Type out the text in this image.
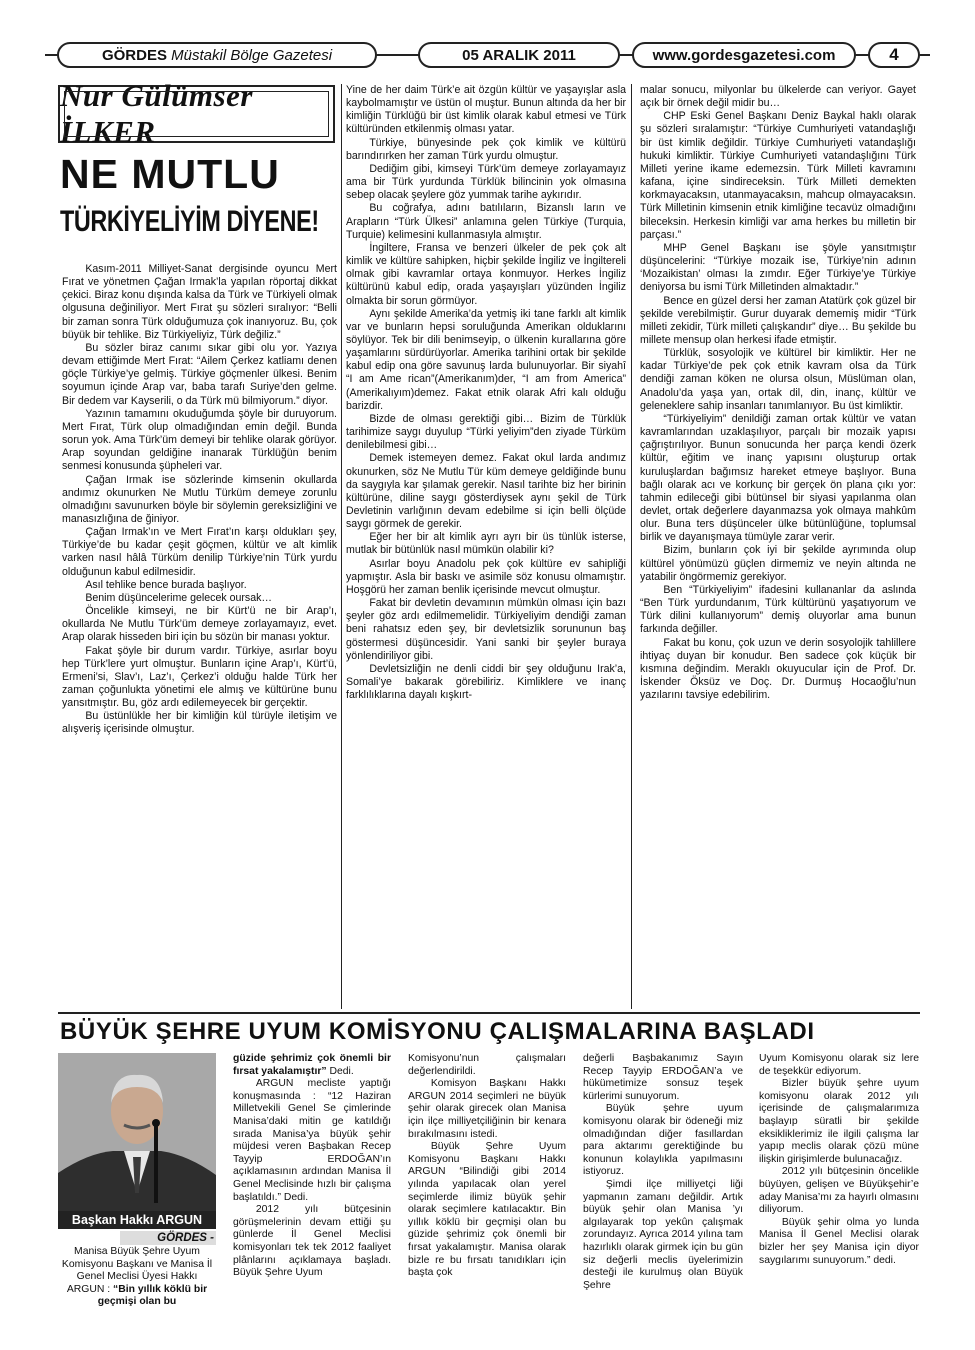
GÖRDES Müstakil Bölge Gazetesi	05 ARALIK 2011	www.gordesgazetesi.com	4
Nur Gülümser İLKER
NE MUTLU
TÜRKİYELİYİM DİYENE!

Kasım-2011 Milliyet-Sanat dergisinde oyuncu Mert Fırat ve yönetmen Çağan Irmak’la yapılan röportaj dikkat çekici. Biraz konu dışında kalsa da Türk ve Türkiyeli olmak olgusuna değiniliyor. Mert Fırat şu sözleri sıralıyor: “Belli bir zaman sonra Türk olduğumuza çok inanıyoruz. Bu, çok büyük bir tehlike. Biz Türkiyeliyiz, Türk değiliz.”

Bu sözler biraz canımı sıkar gibi olu yor. Yazıya devam ettiğimde Mert Fırat: “Ailem Çerkez katliamı denen göçle Türkiye’ye gelmiş. Türkiye göçmenler ülkesi. Benim soyumun içinde Arap var, baba tarafı Suriye’den gelme. Bir dedem var Kayserili, o da Türk mü bilmiyorum.” diyor.

Yazının tamamını okuduğumda şöyle bir duruyorum. Mert Fırat, Türk olup olmadığından emin değil. Bunda sorun yok. Ama Türk’üm demeyi bir tehlike olarak görüyor. Arap soyundan geldiğine inanarak Türklüğün benim senmesi konusunda şüpheleri var.

Çağan Irmak ise sözlerinde kimsenin okullarda andımız okunurken Ne Mutlu Türküm demeye zorunlu olmadığını savunurken böyle bir söylemin gereksizliğini ve manasızlığına de ğiniyor.

Çağan Irmak’ın ve Mert Fırat’ın karşı oldukları şey, Türkiye’de bu kadar çeşit göçmen, kültür ve alt kimlik varken nasıl hâlâ Türküm denilip Türkiye’nin Türk yurdu olduğunun kabul edilmesidir.

Asıl tehlike bence burada başlıyor.

Benim düşüncelerime gelecek oursak…

Öncelikle kimseyi, ne bir Kürt’ü ne bir Arap’ı, okullarda Ne Mutlu Türk’üm demeye zorlayamayız, evet. Arap olarak hisseden biri için bu sözün bir manası yoktur.

Fakat şöyle bir durum vardır. Türkiye, asırlar boyu hep Türk’lere yurt olmuştur. Bunların içine Arap’ı, Kürt’ü, Ermeni’si, Slav’ı, Laz’ı, Çerkez’i olduğu halde Türk her zaman çoğunlukta yönetimi ele almış ve kültürüne bunu yansıtmıştır. Bu, göz ardı edilemeyecek bir gerçektir.

Bu üstünlükle her bir kimliğin kül türüyle iletişim ve alışveriş içerisinde olmuştur.

Yine de her daim Türk’e ait özgün kültür ve yaşayışlar asla kaybolmamıştır ve üstün ol muştur. Bunun altında da her bir kimliğin Türklüğü bir üst kimlik olarak kabul etmesi ve Türk kültüründen etkilenmiş olması yatar.

Türkiye, bünyesinde pek çok kimlik ve kültürü barındırırken her zaman Türk yurdu olmuştur.

Dediğim gibi, kimseyi Türk’üm demeye zorlayamayız ama bir Türk yurdunda Türklük bilincinin yok olmasına sebep olacak şeylere göz yummak tarihe aykırıdır.

Bu coğrafya, adını batılıların, Bizanslı ların ve Arapların “Türk Ülkesi” anlamına gelen Türkiye (Turquia, Turquie) kelimesini kullanmasıyla almıştır.

İngiltere, Fransa ve benzeri ülkeler de pek çok alt kimlik ve kültüre sahipken, hiçbir şekilde İngiliz ve İngiltereli olmak gibi kavramlar ortaya konmuyor. Herkes İngiliz kültürünü kabul edip, orada yaşayışları yüzünden İngiliz olmakta bir sorun görmüyor.

Aynı şekilde Amerika’da yetmiş iki tane farklı alt kimlik var ve bunların hepsi soruluğunda Amerikan olduklarını söylüyor. Tek bir dili benimseyip, o ülkenin kurallarına göre yaşamlarını sürdürüyorlar. Amerika tarihini ortak bir şekilde kabul edip ona göre savunuş larda bulunuyorlar. Bir siyahî “I am Ame rican”(Amerikanım)der, “I am from America” (Amerikalıyım)demez. Fakat etnik olarak Afri kalı olduğu barizdir.

Bizde de olması gerektiği gibi… Bizim de Türklük tarihimize saygı duyulup “Türki yeliyim”den ziyade Türküm denilebilmesi gibi…

Demek istemeyen demez. Fakat okul larda andımız okunurken, söz Ne Mutlu Tür küm demeye geldiğinde bunu da saygıyla kar şılamak gerekir. Nasıl tarihte biz her birinin kültürüne, diline saygı gösterdiysek aynı şekil de Türk Devletinin varlığının devam edebilme si için belli ölçüde saygı görmek de gerekir.

Eğer her bir alt kimlik ayrı ayrı bir üs tünlük isterse, mutlak bir bütünlük nasıl mümkün olabilir ki?

Asırlar boyu Anadolu pek çok kültüre ev sahipliği yapmıştır. Asla bir baskı ve asimile söz konusu olmamıştır. Hoşgörü her zaman benlik içerisinde mevcut olmuştur.

Fakat bir devletin devamının mümkün olması için bazı şeyler göz ardı edilmemelidir. Türkiyeliyim dendiği zaman beni rahatsız eden şey, bir devletsizlik sorununun baş göstermesi düşüncesidir. Yani sanki bir şeyler buraya yönlendiriliyor gibi.

Devletsizliğin ne denli ciddi bir şey olduğunu Irak’a, Somali’ye bakarak görebiliriz. Kimliklere ve inanç farklılıklarına dayalı kışkırt-

malar sonucu, milyonlar bu ülkelerde can veriyor. Gayet açık bir örnek değil midir bu…

CHP Eski Genel Başkanı Deniz Baykal haklı olarak şu sözleri sıralamıştır: “Türkiye Cumhuriyeti vatandaşlığı bir üst kimlik değildir. Türkiye Cumhuriyeti vatandaşlığı hukuki kimliktir. Türkiye Cumhuriyeti vatandaşlığını Türk Milleti yerine ikame edemezsin. Türk Milleti kavramını kafana, içine sindireceksin. Türk Milleti demekten korkmayacaksın, utanmayacaksın, mahcup olmayacaksın. Türk Milletinin kimsenin etnik kimliğine tecavüz olmadığını bileceksin. Herkesin kimliği var ama herkes bu milletin bir parçası.”

MHP Genel Başkanı ise şöyle yansıtmıştır düşüncelerini: “Türkiye mozaik ise, Türkiye’nin adının ‘Mozaikistan’ olması la zımdır. Eğer Türkiye’ye Türkiye deniyorsa bu ismi Türk Milletinden almaktadır.”

Bence en güzel dersi her zaman Atatürk çok güzel bir şekilde verebilmiştir. Gurur duyarak dememiş midir “Türk milleti zekidir, Türk milleti çalışkandır” diye… Bu şekilde bu millete mensup olan herkesi ifade etmiştir.

Türklük, sosyolojik ve kültürel bir kimliktir. Her ne kadar Türkiye’de pek çok etnik kavram olsa da Türk dendiği zaman köken ne olursa olsun, Müslüman olan, Anadolu’da yaşa yan, ortak dil, din, inanç, kültür ve geleneklere sahip insanları tanımlanıyor. Bu üst kimliktir.

“Türkiyeliyim” denildiği zaman ortak kültür ve vatan kavramlarından uzaklaşılıyor, parçalı bir mozaik yapısı çağrıştırılıyor. Bunun sonucunda her parça kendi özerk kültür, eğitim ve inanç yapısını oluşturup ortak kuruluşlardan bağımsız hareket etmeye başlıyor. Buna bağlı olarak acı ve korkunç bir gerçek ön plana çıkı yor: tahmin edileceği gibi bütünsel bir siyasi yapılanma olan devlet, ortak değerlere dayanmazsa yok olmaya mahkûm olur. Buna ters düşünceler ülke bütünlüğüne, toplumsal birlik ve dayanışmaya tümüyle zarar verir.

Bizim, bunların çok iyi bir şekilde ayrımında olup kültürel yönümüzü güçlen dirmemiz ve neyin altında ne yatabilir öngörmemiz gerekiyor.

Ben “Türkiyeliyim” ifadesini kullananlar da aslında “Ben Türk yurdundanım, Türk kültürünü yaşatıyorum ve Türk dilini kullanıyorum” demiş oluyorlar ama bunun farkında değiller.

Fakat bu konu, çok uzun ve derin sosyolojik tahlillere ihtiyaç duyan bir konudur. Ben sadece çok küçük bir kısmına değindim. Meraklı okuyucular için de Prof. Dr. İskender Öksüz ve Doç. Dr. Durmuş Hocaoğlu’nun yazılarını tavsiye edebilirim.

BÜYÜK ŞEHRE UYUM KOMİSYONU ÇALIŞMALARINA BAŞLADI
Başkan Hakkı ARGUN
GÖRDES -
Manisa Büyük Şehre Uyum Komisyonu Başkanı ve Manisa İl Genel Meclisi Üyesi Hakkı ARGUN : “Bin yıllık köklü bir geçmişi olan bu

güzide şehrimiz çok önemli bir fırsat yakalamıştır” Dedi.

ARGUN mecliste yaptığı konuşmasında : “12 Haziran Milletvekili Genel Se çimlerinde Manisa’daki mitin ge katıldığı sırada Manisa’ya büyük şehir müjdesi veren Başbakan Recep Tayyip ERDOĞAN’ın açıklamasının ardından Manisa İl Genel Meclisinde hızlı bir çalışma başlatıldı.” Dedi.

2012 yılı bütçesinin görüşmelerinin devam ettiği şu günlerde İl Genel Meclisi komisyonları tek tek 2012 faaliyet plânlarını açıklamaya başladı. Büyük Şehre Uyum

Komisyonu’nun çalışmaları değerlendirildi.

Komisyon Başkanı Hakkı ARGUN 2014 seçimleri ne büyük şehir olarak girecek olan Manisa için ilçe milliyetçiliğinin bir kenara bırakılmasını istedi.

Büyük Şehre Uyum Komisyonu Başkanı Hakkı ARGUN “Bilindiği gibi 2014 yılında yapılacak olan yerel seçimlerde ilimiz büyük şehir olarak seçimlere katılacaktır. Bin yıllık köklü bir geçmişi olan bu güzide şehrimiz çok önemli bir fırsat yakalamıştır. Manisa olarak bizle re bu fırsatı tanıdıkları için başta çok

değerli Başbakanımız Sayın Recep Tayyip ERDOĞAN’a ve hükümetimize sonsuz teşek kürlerimi sunuyorum.

Büyük şehre uyum komisyonu olarak bir ödeneği miz olmadığından diğer fasıllardan para aktarımı gerektiğinde bu konunun kolaylıkla yapılmasını istiyoruz.

Şimdi ilçe milliyetçi liği yapmanın zamanı değildir. Artık büyük şehir olan Manisa ’yı algılayarak top yekûn çalışmak zorundayız. Ayrıca 2014 yılına tam hazırlıklı olarak girmek için bu gün siz değerli meclis üyelerimizin desteği ile kurulmuş olan Büyük Şehre

Uyum Komisyonu olarak siz lere de teşekkür ediyorum.

Bizler büyük şehre uyum komisyonu olarak 2012 yılı içerisinde de çalışmalarımıza başlayıp süratli bir şekilde eksikliklerimiz ile ilgili çalışma lar yapıp meclis olarak çözü müne ilişkin girişimlerde bulunacağız.

2012 yılı bütçesinin öncelikle büyüyen, gelişen ve Büyükşehir’e aday Manisa’mı za hayırlı olmasını diliyorum.

Büyük şehir olma yo lunda Manisa İl Genel Meclisi olarak bizler her şey Manisa için diyor saygılarımı sunuyorum.” dedi.
